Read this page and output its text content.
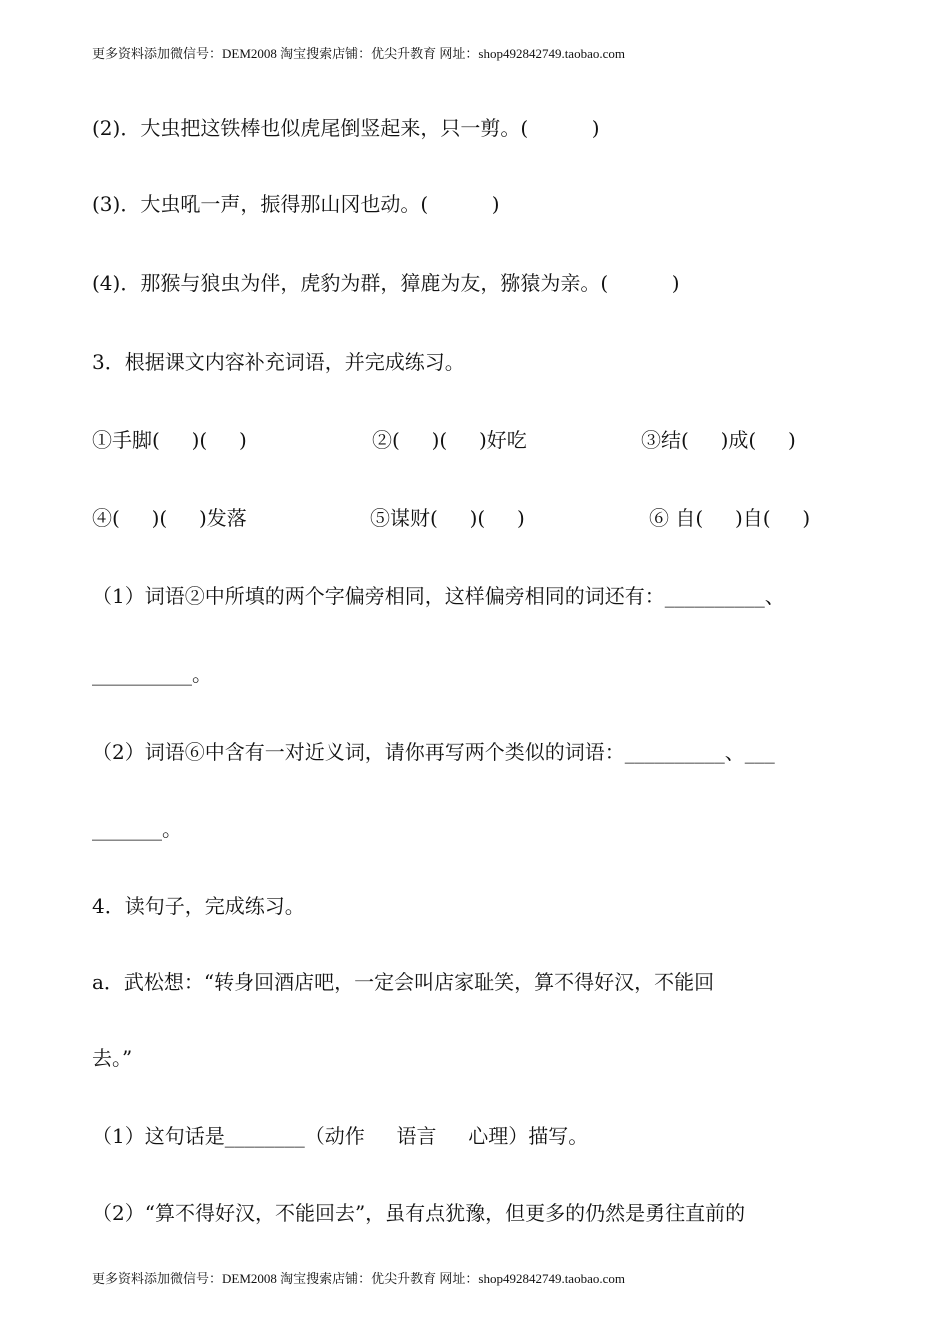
更多资料添加微信号：DEM2008 淘宝搜索店铺：优尖升教育 网址：shop492842749.taobao.com
(2)．大虫把这铁棒也似虎尾倒竖起来，只一剪。(          )
(3)．大虫吼一声，振得那山冈也动。(          )
(4)．那猴与狼虫为伴，虎豹为群，獐鹿为友，猕猿为亲。(          )
3．根据课文内容补充词语，并完成练习。
①手脚(     )(     )	②(     )(     )好吃	③结(     )成(     )
④(     )(     )发落	⑤谋财(     )(     )	⑥ 自(     )自(     )
（1）词语②中所填的两个字偏旁相同，这样偏旁相同的词还有：__________、
__________。
（2）词语⑥中含有一对近义词，请你再写两个类似的词语：__________、___
_______。
4．读句子，完成练习。
a．武松想：“转身回酒店吧，一定会叫店家耻笑，算不得好汉，不能回
去。”
（1）这句话是________（动作     语言     心理）描写。
（2）“算不得好汉，不能回去”，虽有点犹豫，但更多的仍然是勇往直前的
更多资料添加微信号：DEM2008 淘宝搜索店铺：优尖升教育 网址：shop492842749.taobao.com
